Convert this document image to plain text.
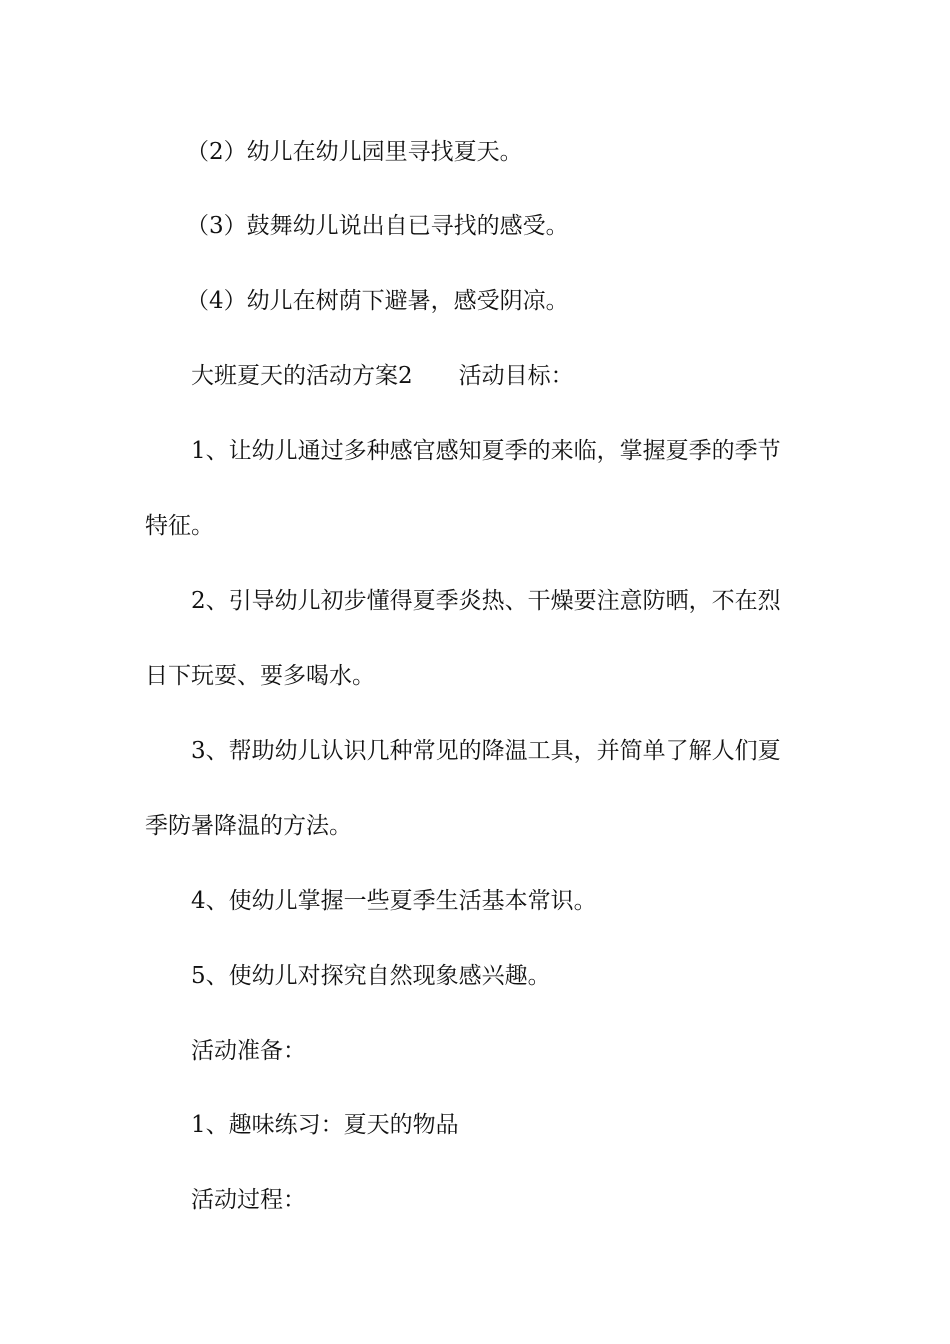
（2）幼儿在幼儿园里寻找夏天。
（3）鼓舞幼儿说出自已寻找的感受。
（4）幼儿在树荫下避暑，感受阴凉。
大班夏天的活动方案2　　活动目标：
1、让幼儿通过多种感官感知夏季的来临，掌握夏季的季节
特征。
2、引导幼儿初步懂得夏季炎热、干燥要注意防晒，不在烈
日下玩耍、要多喝水。
3、帮助幼儿认识几种常见的降温工具，并简单了解人们夏
季防暑降温的方法。
4、使幼儿掌握一些夏季生活基本常识。
5、使幼儿对探究自然现象感兴趣。
活动准备：
1、趣味练习：夏天的物品
活动过程：
